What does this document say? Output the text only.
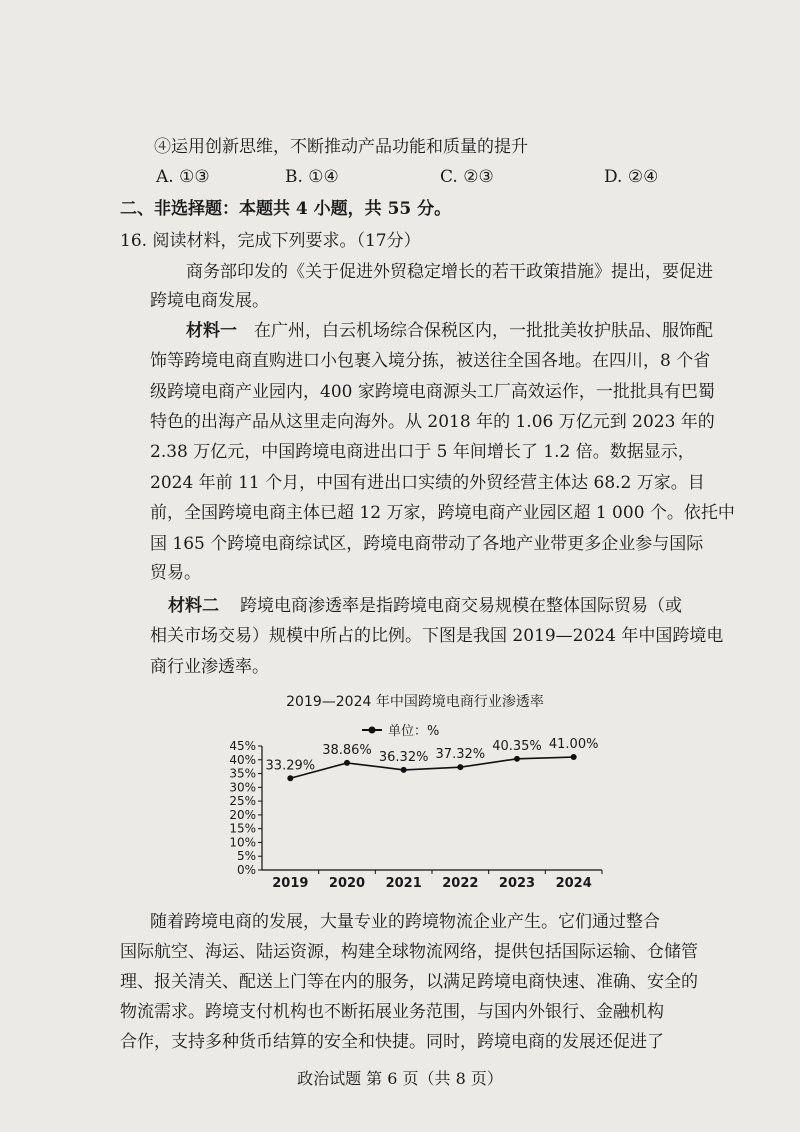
④运用创新思维，不断推动产品功能和质量的提升
A. ①③	B. ①④	C. ②③	D. ②④
二、非选择题：本题共 4 小题，共 55 分。
16. 阅读材料，完成下列要求。（17分）
商务部印发的《关于促进外贸稳定增长的若干政策措施》提出，要促进
跨境电商发展。
材料一 在广州，白云机场综合保税区内，一批批美妆护肤品、服饰配
饰等跨境电商直购进口小包裹入境分拣，被送往全国各地。在四川，8 个省
级跨境电商产业园内，400 家跨境电商源头工厂高效运作，一批批具有巴蜀
特色的出海产品从这里走向海外。从 2018 年的 1.06 万亿元到 2023 年的
2.38 万亿元，中国跨境电商进出口于 5 年间增长了 1.2 倍。数据显示，
2024 年前 11 个月，中国有进出口实绩的外贸经营主体达 68.2 万家。目
前，全国跨境电商主体已超 12 万家，跨境电商产业园区超 1 000 个。依托中
国 165 个跨境电商综试区，跨境电商带动了各地产业带更多企业参与国际
贸易。
材料二 跨境电商渗透率是指跨境电商交易规模在整体国际贸易（或
相关市场交易）规模中所占的比例。下图是我国 2019—2024 年中国跨境电
商行业渗透率。
2019—2024 年中国跨境电商行业渗透率
单位：%
0%
5%
10%
15%
20%
25%
30%
35%
40%
45%
2019 2020 2021 2022 2023 2024
33.29%
38.86% 36.32% 37.32%
40.35% 41.00%
随着跨境电商的发展，大量专业的跨境物流企业产生。它们通过整合
国际航空、海运、陆运资源，构建全球物流网络，提供包括国际运输、仓储管
理、报关清关、配送上门等在内的服务，以满足跨境电商快速、准确、安全的
物流需求。跨境支付机构也不断拓展业务范围，与国内外银行、金融机构
合作，支持多种货币结算的安全和快捷。同时，跨境电商的发展还促进了
政治试题 第 6 页（共 8 页）
